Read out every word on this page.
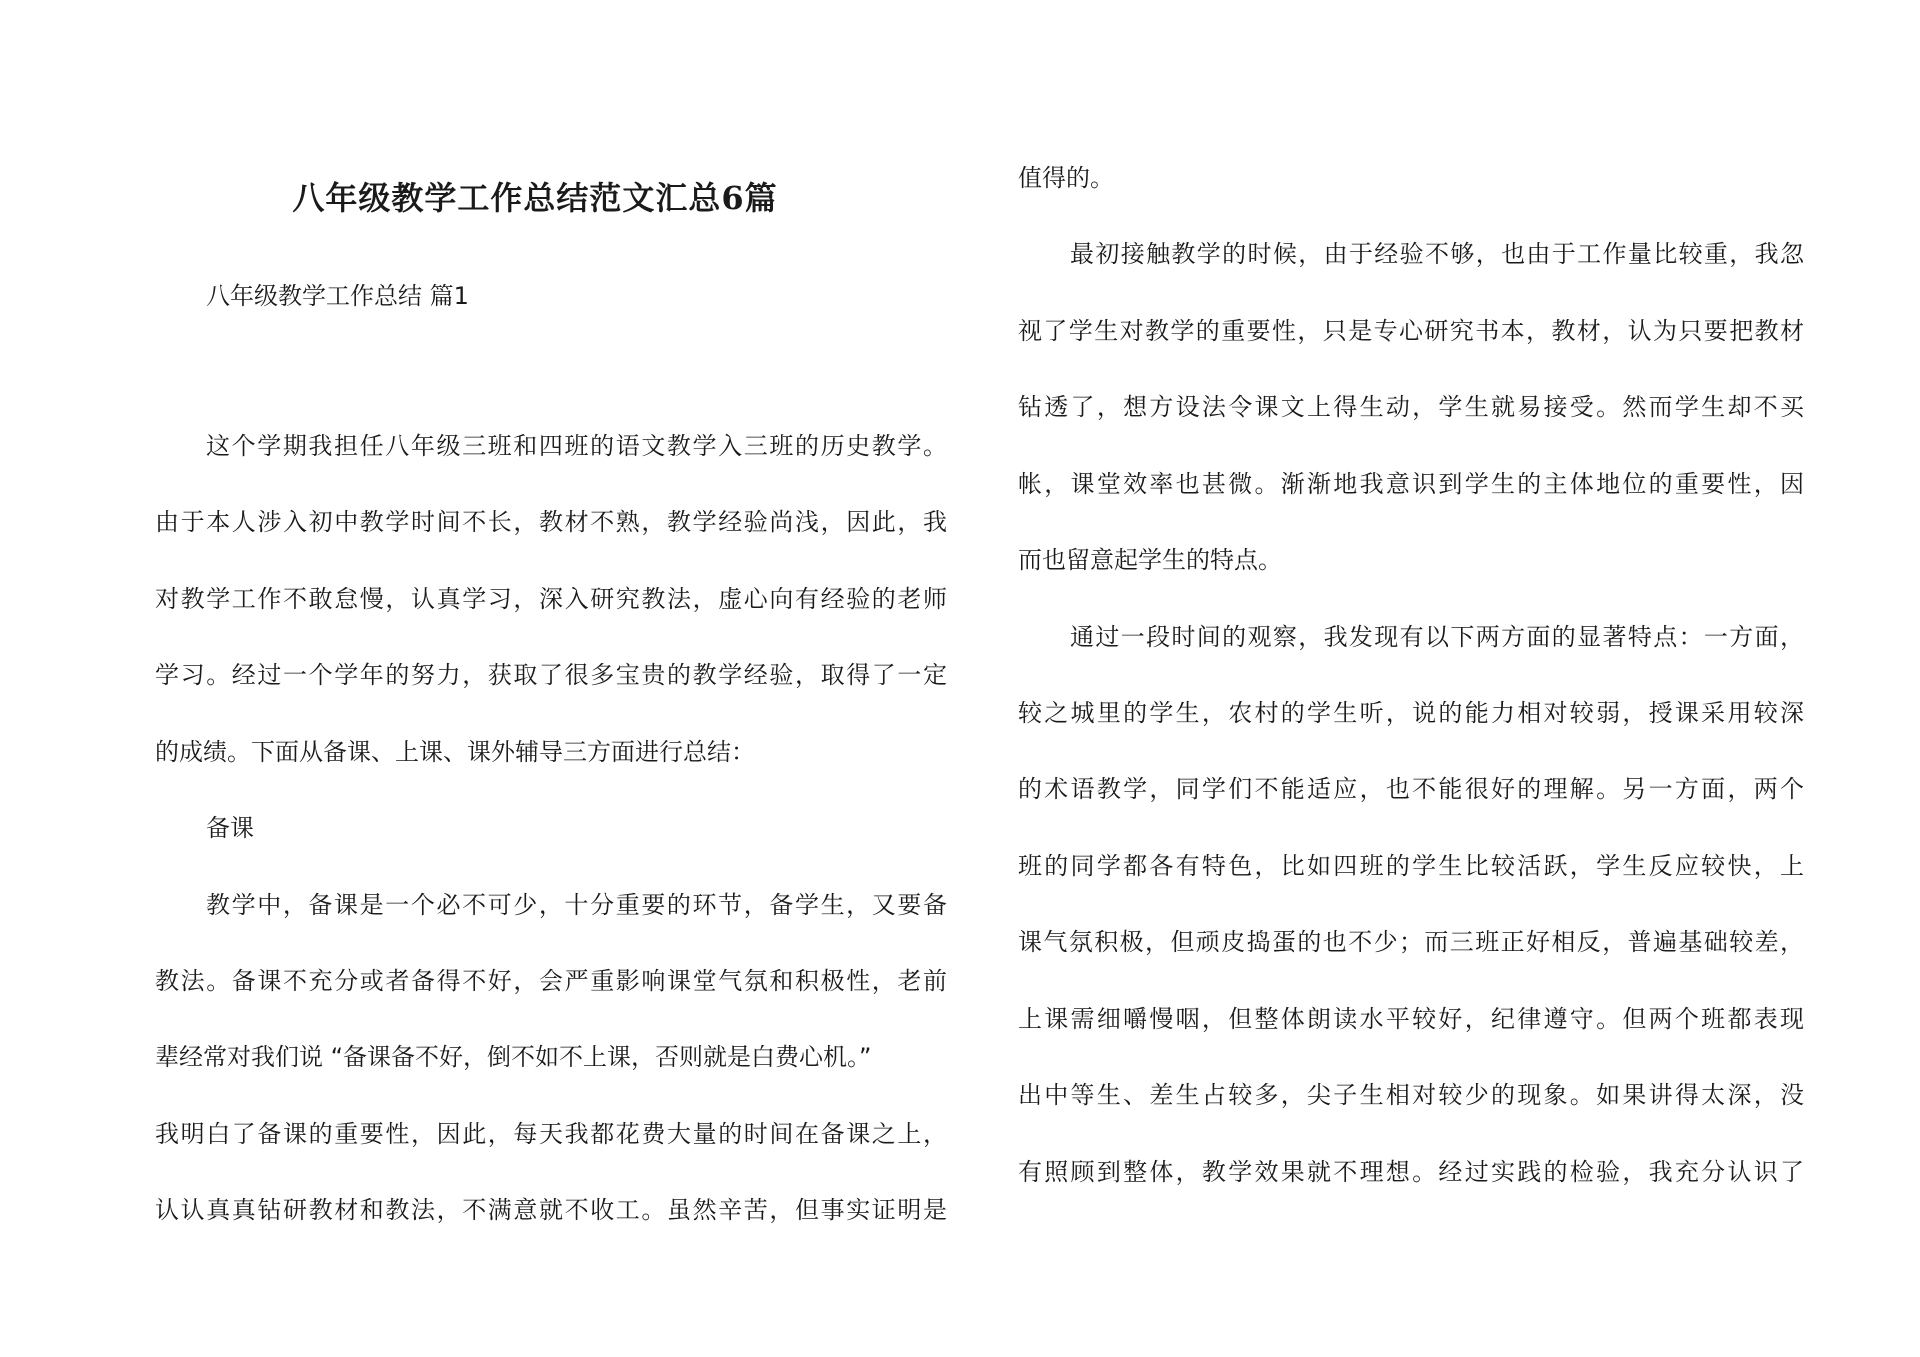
八年级教学工作总结范文汇总6篇
八年级教学工作总结 篇1
这个学期我担任八年级三班和四班的语文教学入三班的历史教学。
由于本人涉入初中教学时间不长，教材不熟，教学经验尚浅，因此，我
对教学工作不敢怠慢，认真学习，深入研究教法，虚心向有经验的老师
学习。经过一个学年的努力，获取了很多宝贵的教学经验，取得了一定
的成绩。下面从备课、上课、课外辅导三方面进行总结：
备课
教学中，备课是一个必不可少，十分重要的环节，备学生，又要备
教法。备课不充分或者备得不好，会严重影响课堂气氛和积极性，老前
辈经常对我们说 “备课备不好，倒不如不上课，否则就是白费心机。”
我明白了备课的重要性，因此，每天我都花费大量的时间在备课之上，
认认真真钻研教材和教法，不满意就不收工。虽然辛苦，但事实证明是
值得的。
最初接触教学的时候，由于经验不够，也由于工作量比较重，我忽
视了学生对教学的重要性，只是专心研究书本，教材，认为只要把教材
钻透了，想方设法令课文上得生动，学生就易接受。然而学生却不买
帐，课堂效率也甚微。渐渐地我意识到学生的主体地位的重要性，因
而也留意起学生的特点。
通过一段时间的观察，我发现有以下两方面的显著特点：一方面，
较之城里的学生，农村的学生听，说的能力相对较弱，授课采用较深
的术语教学，同学们不能适应，也不能很好的理解。另一方面，两个
班的同学都各有特色，比如四班的学生比较活跃，学生反应较快，上
课气氛积极，但顽皮捣蛋的也不少；而三班正好相反，普遍基础较差，
上课需细嚼慢咽，但整体朗读水平较好，纪律遵守。但两个班都表现
出中等生、差生占较多，尖子生相对较少的现象。如果讲得太深，没
有照顾到整体，教学效果就不理想。经过实践的检验，我充分认识了
